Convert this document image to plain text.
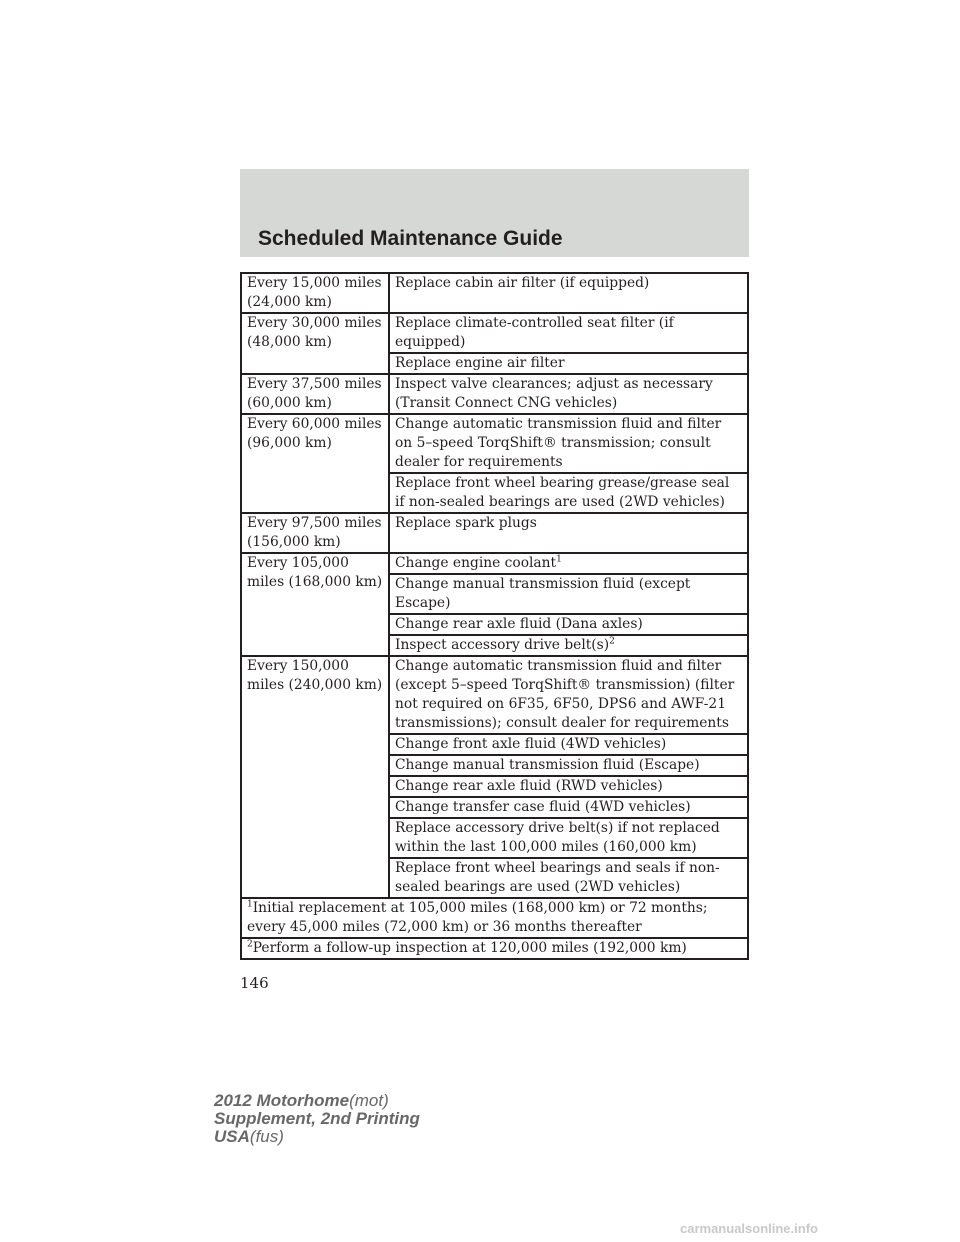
Scheduled Maintenance Guide
Every 15,000 miles (24,000 km)	Replace cabin air filter (if equipped)
Every 30,000 miles (48,000 km)	Replace climate-controlled seat filter (if equipped)
	Replace engine air filter
Every 37,500 miles (60,000 km)	Inspect valve clearances; adjust as necessary (Transit Connect CNG vehicles)
Every 60,000 miles (96,000 km)	Change automatic transmission fluid and filter on 5–speed TorqShift® transmission; consult dealer for requirements
	Replace front wheel bearing grease/grease seal if non-sealed bearings are used (2WD vehicles)
Every 97,500 miles (156,000 km)	Replace spark plugs
Every 105,000 miles (168,000 km)	Change engine coolant$^1$
	Change manual transmission fluid (except Escape)
	Change rear axle fluid (Dana axles)
	Inspect accessory drive $belt(s)^2$
Every 150,000 miles (240,000 km)	Change automatic transmission fluid and filter (except 5–speed TorqShift® transmission) (filter not required on 6F35, 6F50, DPS6 and AWF-21 transmissions); consult dealer for requirements
	Change front axle fluid (4WD vehicles)
	Change manual transmission fluid (Escape)
	Change rear axle fluid (RWD vehicles)
	Change transfer case fluid (4WD vehicles)
	Replace accessory drive belt(s) if not replaced within the last 100,000 miles (160,000 km)
	Replace front wheel bearings and seals if non-sealed bearings are used (2WD vehicles)
$^1$Initial replacement at 105,000 miles (168,000 km) or 72 months; every 45,000 miles (72,000 km) or 36 months thereafter	
$^2$Perform a follow-up inspection at 120,000 miles (192,000 km)	

146

2012 Motorhome(mot)
Supplement, 2nd Printing
USA(fus)

carmanualsonline.info
